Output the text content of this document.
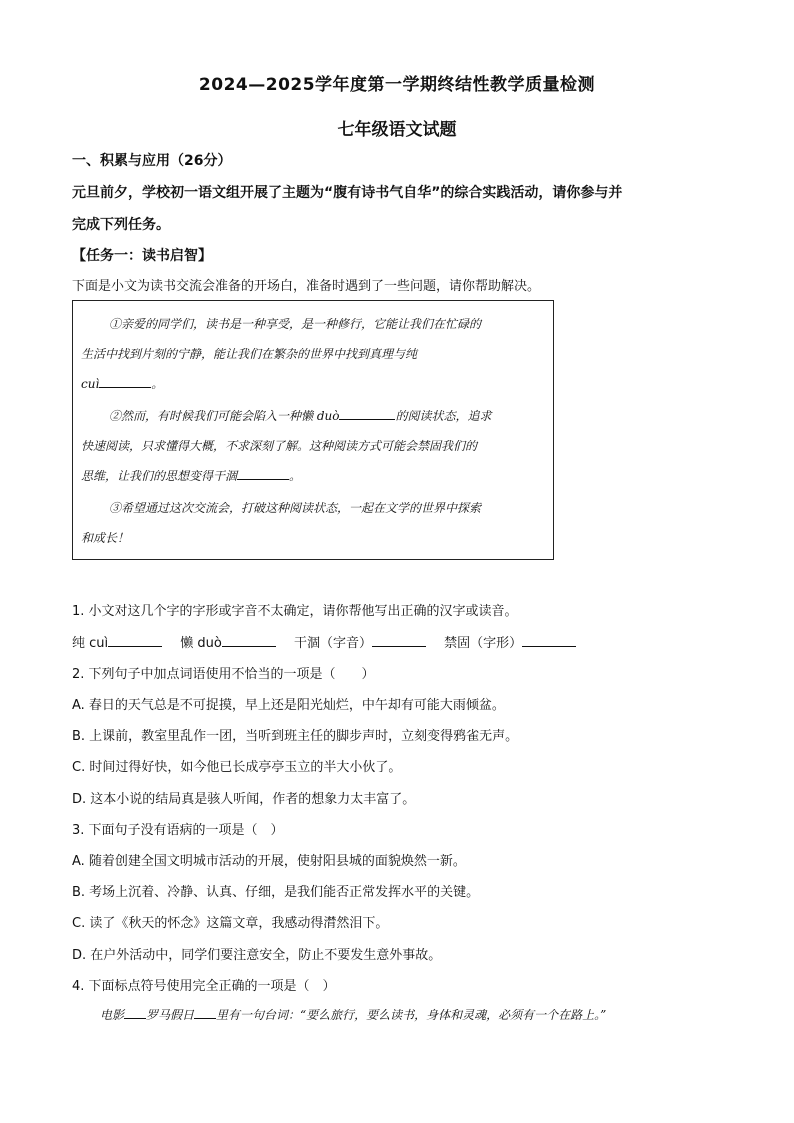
2024—2025学年度第一学期终结性教学质量检测
七年级语文试题
一、积累与应用（26分）
元旦前夕，学校初一语文组开展了主题为“腹有诗书气自华”的综合实践活动，请你参与并
完成下列任务。
【任务一：读书启智】
下面是小文为读书交流会准备的开场白，准备时遇到了一些问题，请你帮助解决。
①亲爱的同学们，读书是一种享受，是一种修行，它能让我们在忙碌的
生活中找到片刻的宁静，能让我们在繁杂的世界中找到真理与纯
cuì	。
②然而，有时候我们可能会陷入一种懒 duò	的阅读状态，追求
快速阅读，只求懂得大概，不求深刻了解。这种阅读方式可能会禁固我们的
思维，让我们的思想变得干涸	。
③希望通过这次交流会，打破这种阅读状态，一起在文学的世界中探索
和成长！
1. 小文对这几个字的字形或字音不太确定，请你帮他写出正确的汉字或读音。
纯 cuì	懒 duò	干涸（字音）	禁固（字形）
2. 下列句子中加点词语使用不恰当的一项是（　　）
A. 春日的天气总是不可捉摸，早上还是阳光灿烂，中午却有可能大雨倾盆。
B. 上课前，教室里乱作一团，当听到班主任的脚步声时，立刻变得鸦雀无声。
C. 时间过得好快，如今他已长成亭亭玉立的半大小伙了。
D. 这本小说的结局真是骇人听闻，作者的想象力太丰富了。
3. 下面句子没有语病的一项是（　）
A. 随着创建全国文明城市活动的开展，使射阳县城的面貌焕然一新。
B. 考场上沉着、冷静、认真、仔细，是我们能否正常发挥水平的关键。
C. 读了《秋天的怀念》这篇文章，我感动得潸然泪下。
D. 在户外活动中，同学们要注意安全，防止不要发生意外事故。
4. 下面标点符号使用完全正确的一项是（　）
电影 罗马假日 里有一句台词：“要么旅行，要么读书，身体和灵魂，必须有一个在路上。”
